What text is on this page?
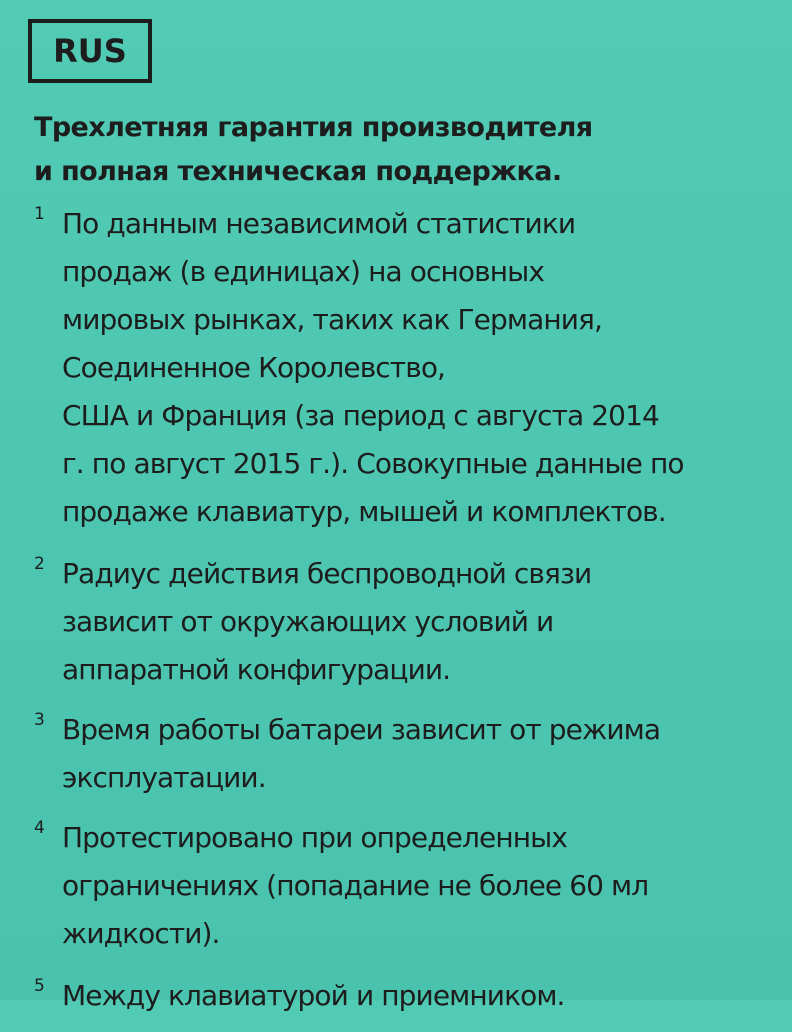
RUS
Трехлетняя гарантия производителя
и полная техническая поддержка.
1 По данным независимой статистики
продаж (в единицах) на основных
мировых рынках, таких как Германия,
Соединенное Королевство,
США и Франция (за период с августа 2014
г. по август 2015 г.). Совокупные данные по
продаже клавиатур, мышей и комплектов.
2 Радиус действия беспроводной связи
зависит от окружающих условий и
аппаратной конфигурации.
3 Время работы батареи зависит от режима
эксплуатации.
4 Протестировано при определенных
ограничениях (попадание не более 60 мл
жидкости).
5 Между клавиатурой и приемником.
